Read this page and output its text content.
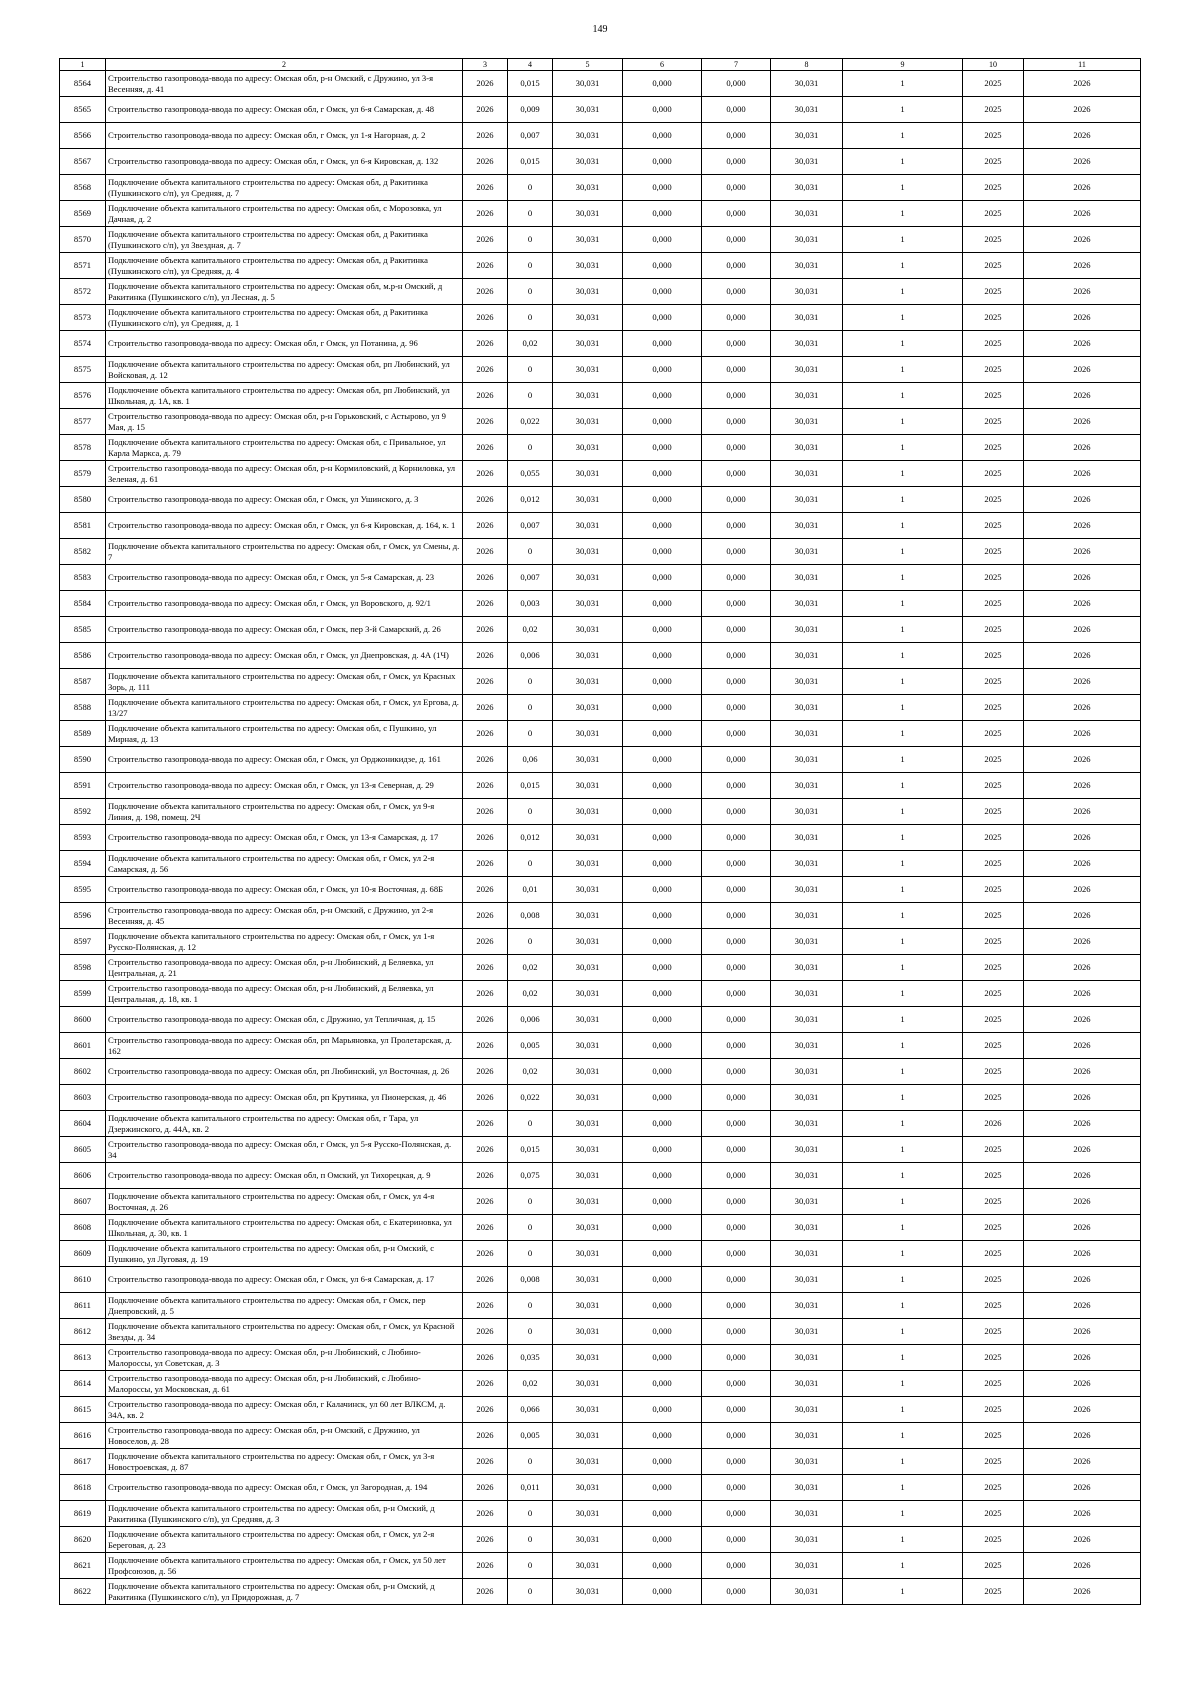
149
1	2	3	4	5	6	7	8	9	10	11
8564	Строительство газопровода-ввода по адресу: Омская обл, р-н Омский, с Дружино, ул 3-я Весенняя, д. 41	2026	0,015	30,031	0,000	0,000	30,031	1	2025	2026
8565	Строительство газопровода-ввода по адресу: Омская обл, г Омск, ул 6-я Самарская, д. 48	2026	0,009	30,031	0,000	0,000	30,031	1	2025	2026
8566	Строительство газопровода-ввода по адресу: Омская обл, г Омск, ул 1-я Нагорная, д. 2	2026	0,007	30,031	0,000	0,000	30,031	1	2025	2026
8567	Строительство газопровода-ввода по адресу: Омская обл, г Омск, ул 6-я Кировская, д. 132	2026	0,015	30,031	0,000	0,000	30,031	1	2025	2026
8568	Подключение объекта капитального строительства по адресу: Омская обл, д Ракитинка (Пушкинского с/п), ул Средняя, д. 7	2026	0	30,031	0,000	0,000	30,031	1	2025	2026
8569	Подключение объекта капитального строительства по адресу: Омская обл, с Морозовка, ул Дачная, д. 2	2026	0	30,031	0,000	0,000	30,031	1	2025	2026
8570	Подключение объекта капитального строительства по адресу: Омская обл, д Ракитинка (Пушкинского с/п), ул Звездная, д. 7	2026	0	30,031	0,000	0,000	30,031	1	2025	2026
8571	Подключение объекта капитального строительства по адресу: Омская обл, д Ракитинка (Пушкинского с/п), ул Средняя, д. 4	2026	0	30,031	0,000	0,000	30,031	1	2025	2026
8572	Подключение объекта капитального строительства по адресу: Омская обл, м.р-н Омский, д Ракитинка (Пушкинского с/п), ул Лесная, д. 5	2026	0	30,031	0,000	0,000	30,031	1	2025	2026
8573	Подключение объекта капитального строительства по адресу: Омская обл, д Ракитинка (Пушкинского с/п), ул Средняя, д. 1	2026	0	30,031	0,000	0,000	30,031	1	2025	2026
8574	Строительство газопровода-ввода по адресу: Омская обл, г Омск, ул Потанина, д. 96	2026	0,02	30,031	0,000	0,000	30,031	1	2025	2026
8575	Подключение объекта капитального строительства по адресу: Омская обл, рп Любинский, ул Войсковая, д. 12	2026	0	30,031	0,000	0,000	30,031	1	2025	2026
8576	Подключение объекта капитального строительства по адресу: Омская обл, рп Любинский, ул Школьная, д. 1А, кв. 1	2026	0	30,031	0,000	0,000	30,031	1	2025	2026
8577	Строительство газопровода-ввода по адресу: Омская обл, р-н Горьковский, с Астырово, ул 9 Мая, д. 15	2026	0,022	30,031	0,000	0,000	30,031	1	2025	2026
8578	Подключение объекта капитального строительства по адресу: Омская обл, с Привальное, ул Карла Маркса, д. 79	2026	0	30,031	0,000	0,000	30,031	1	2025	2026
8579	Строительство газопровода-ввода по адресу: Омская обл, р-н Кормиловский, д Корниловка, ул Зеленая, д. 61	2026	0,055	30,031	0,000	0,000	30,031	1	2025	2026
8580	Строительство газопровода-ввода по адресу: Омская обл, г Омск, ул Ушинского, д. 3	2026	0,012	30,031	0,000	0,000	30,031	1	2025	2026
8581	Строительство газопровода-ввода по адресу: Омская обл, г Омск, ул 6-я Кировская, д. 164, к. 1	2026	0,007	30,031	0,000	0,000	30,031	1	2025	2026
8582	Подключение объекта капитального строительства по адресу: Омская обл, г Омск, ул Смены, д. 7	2026	0	30,031	0,000	0,000	30,031	1	2025	2026
8583	Строительство газопровода-ввода по адресу: Омская обл, г Омск, ул 5-я Самарская, д. 23	2026	0,007	30,031	0,000	0,000	30,031	1	2025	2026
8584	Строительство газопровода-ввода по адресу: Омская обл, г Омск, ул Воровского, д. 92/1	2026	0,003	30,031	0,000	0,000	30,031	1	2025	2026
8585	Строительство газопровода-ввода по адресу: Омская обл, г Омск, пер 3-й Самарский, д. 26	2026	0,02	30,031	0,000	0,000	30,031	1	2025	2026
8586	Строительство газопровода-ввода по адресу: Омская обл, г Омск, ул Днепровская, д. 4А (1Ч)	2026	0,006	30,031	0,000	0,000	30,031	1	2025	2026
8587	Подключение объекта капитального строительства по адресу: Омская обл, г Омск, ул Красных Зорь, д. 111	2026	0	30,031	0,000	0,000	30,031	1	2025	2026
8588	Подключение объекта капитального строительства по адресу: Омская обл, г Омск, ул Ергова, д. 13/27	2026	0	30,031	0,000	0,000	30,031	1	2025	2026
8589	Подключение объекта капитального строительства по адресу: Омская обл, с Пушкино, ул Мирная, д. 13	2026	0	30,031	0,000	0,000	30,031	1	2025	2026
8590	Строительство газопровода-ввода по адресу: Омская обл, г Омск, ул Орджоникидзе, д. 161	2026	0,06	30,031	0,000	0,000	30,031	1	2025	2026
8591	Строительство газопровода-ввода по адресу: Омская обл, г Омск, ул 13-я Северная, д. 29	2026	0,015	30,031	0,000	0,000	30,031	1	2025	2026
8592	Подключение объекта капитального строительства по адресу: Омская обл, г Омск, ул 9-я Линия, д. 198, помещ. 2Ч	2026	0	30,031	0,000	0,000	30,031	1	2025	2026
8593	Строительство газопровода-ввода по адресу: Омская обл, г Омск, ул 13-я Самарская, д. 17	2026	0,012	30,031	0,000	0,000	30,031	1	2025	2026
8594	Подключение объекта капитального строительства по адресу: Омская обл, г Омск, ул 2-я Самарская, д. 56	2026	0	30,031	0,000	0,000	30,031	1	2025	2026
8595	Строительство газопровода-ввода по адресу: Омская обл, г Омск, ул 10-я Восточная, д. 68Б	2026	0,01	30,031	0,000	0,000	30,031	1	2025	2026
8596	Строительство газопровода-ввода по адресу: Омская обл, р-н Омский, с Дружино, ул 2-я Весенняя, д. 45	2026	0,008	30,031	0,000	0,000	30,031	1	2025	2026
8597	Подключение объекта капитального строительства по адресу: Омская обл, г Омск, ул 1-я Русско-Полянская, д. 12	2026	0	30,031	0,000	0,000	30,031	1	2025	2026
8598	Строительство газопровода-ввода по адресу: Омская обл, р-н Любинский, д Беляевка, ул Центральная, д. 21	2026	0,02	30,031	0,000	0,000	30,031	1	2025	2026
8599	Строительство газопровода-ввода по адресу: Омская обл, р-н Любинский, д Беляевка, ул Центральная, д. 18, кв. 1	2026	0,02	30,031	0,000	0,000	30,031	1	2025	2026
8600	Строительство газопровода-ввода по адресу: Омская обл, с Дружино, ул Тепличная, д. 15	2026	0,006	30,031	0,000	0,000	30,031	1	2025	2026
8601	Строительство газопровода-ввода по адресу: Омская обл, рп Марьяновка, ул Пролетарская, д. 162	2026	0,005	30,031	0,000	0,000	30,031	1	2025	2026
8602	Строительство газопровода-ввода по адресу: Омская обл, рп Любинский, ул Восточная, д. 26	2026	0,02	30,031	0,000	0,000	30,031	1	2025	2026
8603	Строительство газопровода-ввода по адресу: Омская обл, рп Крутинка, ул Пионерская, д. 46	2026	0,022	30,031	0,000	0,000	30,031	1	2025	2026
8604	Подключение объекта капитального строительства по адресу: Омская обл, г Тара, ул Дзержинского, д. 44А, кв. 2	2026	0	30,031	0,000	0,000	30,031	1	2026	2026
8605	Строительство газопровода-ввода по адресу: Омская обл, г Омск, ул 5-я Русско-Полянская, д. 34	2026	0,015	30,031	0,000	0,000	30,031	1	2025	2026
8606	Строительство газопровода-ввода по адресу: Омская обл, п Омский, ул Тихорецкая, д. 9	2026	0,075	30,031	0,000	0,000	30,031	1	2025	2026
8607	Подключение объекта капитального строительства по адресу: Омская обл, г Омск, ул 4-я Восточная, д. 26	2026	0	30,031	0,000	0,000	30,031	1	2025	2026
8608	Подключение объекта капитального строительства по адресу: Омская обл, с Екатериновка, ул Школьная, д. 30, кв. 1	2026	0	30,031	0,000	0,000	30,031	1	2025	2026
8609	Подключение объекта капитального строительства по адресу: Омская обл, р-н Омский, с Пушкино, ул Луговая, д. 19	2026	0	30,031	0,000	0,000	30,031	1	2025	2026
8610	Строительство газопровода-ввода по адресу: Омская обл, г Омск, ул 6-я Самарская, д. 17	2026	0,008	30,031	0,000	0,000	30,031	1	2025	2026
8611	Подключение объекта капитального строительства по адресу: Омская обл, г Омск, пер Днепровский, д. 5	2026	0	30,031	0,000	0,000	30,031	1	2025	2026
8612	Подключение объекта капитального строительства по адресу: Омская обл, г Омск, ул Красной Звезды, д. 34	2026	0	30,031	0,000	0,000	30,031	1	2025	2026
8613	Строительство газопровода-ввода по адресу: Омская обл, р-н Любинский, с Любино-Малороссы, ул Советская, д. 3	2026	0,035	30,031	0,000	0,000	30,031	1	2025	2026
8614	Строительство газопровода-ввода по адресу: Омская обл, р-н Любинский, с Любино-Малороссы, ул Московская, д. 61	2026	0,02	30,031	0,000	0,000	30,031	1	2025	2026
8615	Строительство газопровода-ввода по адресу: Омская обл, г Калачинск, ул 60 лет ВЛКСМ, д. 34А, кв. 2	2026	0,066	30,031	0,000	0,000	30,031	1	2025	2026
8616	Строительство газопровода-ввода по адресу: Омская обл, р-н Омский, с Дружино, ул Новоселов, д. 28	2026	0,005	30,031	0,000	0,000	30,031	1	2025	2026
8617	Подключение объекта капитального строительства по адресу: Омская обл, г Омск, ул 3-я Новостроевская, д. 87	2026	0	30,031	0,000	0,000	30,031	1	2025	2026
8618	Строительство газопровода-ввода по адресу: Омская обл, г Омск, ул Загородная, д. 194	2026	0,011	30,031	0,000	0,000	30,031	1	2025	2026
8619	Подключение объекта капитального строительства по адресу: Омская обл, р-н Омский, д Ракитинка (Пушкинского с/п), ул Средняя, д. 3	2026	0	30,031	0,000	0,000	30,031	1	2025	2026
8620	Подключение объекта капитального строительства по адресу: Омская обл, г Омск, ул 2-я Береговая, д. 23	2026	0	30,031	0,000	0,000	30,031	1	2025	2026
8621	Подключение объекта капитального строительства по адресу: Омская обл, г Омск, ул 50 лет Профсоюзов, д. 56	2026	0	30,031	0,000	0,000	30,031	1	2025	2026
8622	Подключение объекта капитального строительства по адресу: Омская обл, р-н Омский, д Ракитинка (Пушкинского с/п), ул Придорожная, д. 7	2026	0	30,031	0,000	0,000	30,031	1	2025	2026
